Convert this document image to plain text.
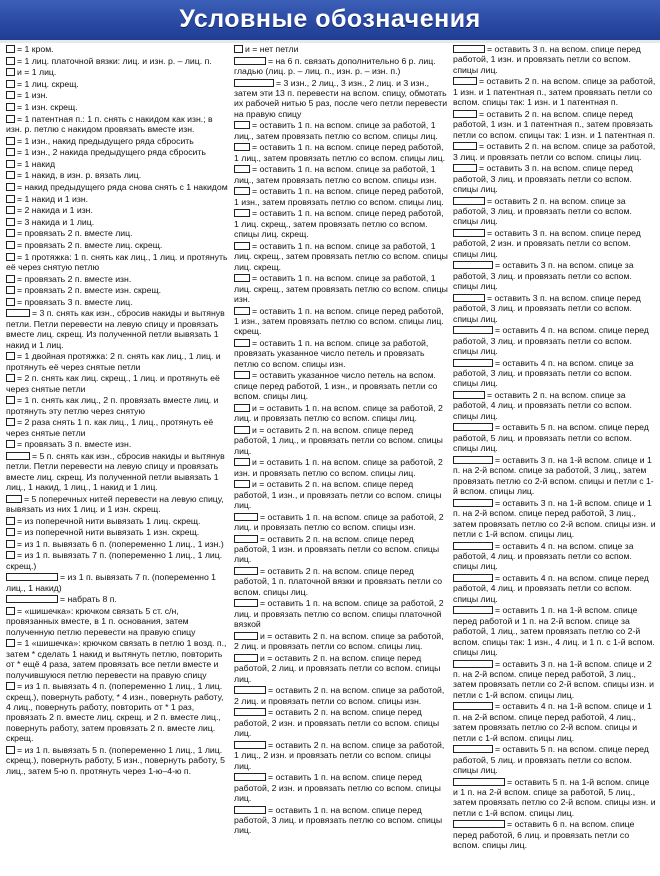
Условные обозначения
= 1 кром.
= 1 лиц. платочной вязки: лиц. и изн. р. – лиц. п.
и = 1 лиц.
= 1 лиц. скрещ.
= 1 изн.
= 1 изн. скрещ.
= 1 патентная п.: 1 п. снять с накидом как изн.; в изн. р. петлю с накидом провязать вместе изн.
= 1 изн., накид предыдущего ряда сбросить
= 1 изн., 2 накида предыдущего ряда сбросить
= 1 накид
= 1 накид, в изн. р. вязать лиц.
= накид предыдущего ряда снова снять с 1 накидом
= 1 накид и 1 изн.
= 2 накида и 1 изн.
= 3 накида и 1 лиц.
= провязать 2 п. вместе лиц.
= провязать 2 п. вместе лиц. скрещ.
= 1 протяжка: 1 п. снять как лиц., 1 лиц. и протянуть её через снятую петлю
= провязать 2 п. вместе изн.
= провязать 2 п. вместе изн. скрещ.
= провязать 3 п. вместе лиц.
= 3 п. снять как изн., сбросив накиды и вытянув петли. Петли перевести на левую спицу и провязать вместе лиц. скрещ. Из полученной петли вывязать 1 накид и 1 лиц.
= 1 двойная протяжка: 2 п. снять как лиц., 1 лиц. и протянуть её через снятые петли
= 2 п. снять как лиц. скрещ., 1 лиц. и протянуть её через снятые петли
= 1 п. снять как лиц., 2 п. провязать вместе лиц. и протянуть эту петлю через снятую
= 2 раза снять 1 п. как лиц., 1 лиц., протянуть её через снятые петли
= провязать 3 п. вместе изн.
= 5 п. снять как изн., сбросив накиды и вытянув петли. Петли перевести на левую спицу и провязать вместе лиц. скрещ. Из полученной петли вывязать 1 лиц., 1 накид, 1 лиц., 1 накид и 1 лиц.
= 5 поперечных нитей перевести на левую спицу, вывязать из них 1 лиц. и 1 изн. скрещ.
= из поперечной нити вывязать 1 лиц. скрещ.
= из поперечной нити вывязать 1 изн. скрещ.
= из 1 п. вывязать 6 п. (попеременно 1 лиц., 1 изн.)
= из 1 п. вывязать 7 п. (попеременно 1 лиц., 1 лиц. скрещ.)
= из 1 п. вывязать 7 п. (попеременно 1 лиц., 1 накид)
= набрать 8 п.
= «шишечка»: крючком связать 5 ст. с/н, провязанных вместе, в 1 п. основания, затем полученную петлю перевести на правую спицу
= 1 «шишечка»: крючком связать в петлю 1 возд. п., затем * сделать 1 накид и вытянуть петлю, повторить от * ещё 4 раза, затем провязать все петли вместе и получившуюся петлю перевести на правую спицу
= из 1 п. вывязать 4 п. (попеременно 1 лиц., 1 лиц. скрещ.), повернуть работу, * 4 изн., повернуть работу, 4 лиц., повернуть работу, повторить от * 1 раз, провязать 2 п. вместе лиц. скрещ. и 2 п. вместе лиц., повернуть работу, затем провязать 2 п. вместе лиц. скрещ.
= из 1 п. вывязать 5 п. (попеременно 1 лиц., 1 лиц. скрещ.), повернуть работу, 5 изн., повернуть работу, 5 лиц., затем 5-ю п. протянуть через 1-ю–4-ю п.
и = нет петли
= на 6 п. связать дополнительно 6 р. лиц. гладью (лиц. р. – лиц. п., изн. р. – изн. п.)
= 3 изн., 2 лиц., 3 изн., 2 лиц. и 3 изн., затем эти 13 п. перевести на вспом. спицу, обмотать их рабочей нитью 5 раз, после чего петли перевести на правую спицу
= оставить 1 п. на вспом. спице за работой, 1 лиц., затем провязать петлю со вспом. спицы лиц.
= оставить 1 п. на вспом. спице перед работой, 1 лиц., затем провязать петлю со вспом. спицы лиц.
= оставить 1 п. на вспом. спице за работой, 1 лиц., затем провязать петлю со вспом. спицы изн.
= оставить 1 п. на вспом. спице перед работой, 1 изн., затем провязать петлю со вспом. спицы лиц.
= оставить 1 п. на вспом. спице перед работой, 1 лиц. скрещ., затем провязать петлю со вспом. спицы лиц. скрещ.
= оставить 1 п. на вспом. спице за работой, 1 лиц. скрещ., затем провязать петлю со вспом. спицы лиц. скрещ.
= оставить 1 п. на вспом. спице за работой, 1 лиц. скрещ., затем провязать петлю со вспом. спицы изн.
= оставить 1 п. на вспом. спице перед работой, 1 изн., затем провязать петлю со вспом. спицы лиц. скрещ.
= оставить 1 п. на вспом. спице за работой, провязать указанное число петель и провязать петлю со вспом. спицы изн.
= оставить указанное число петель на вспом. спице перед работой, 1 изн., и провязать петли со вспом. спицы лиц.
и = оставить 1 п. на вспом. спице за работой, 2 лиц. и провязать петлю со вспом. спицы лиц.
и = оставить 2 п. на вспом. спице перед работой, 1 лиц., и провязать петли со вспом. спицы лиц.
и = оставить 1 п. на вспом. спице за работой, 2 изн. и провязать петлю со вспом. спицы лиц.
и = оставить 2 п. на вспом. спице перед работой, 1 изн., и провязать петли со вспом. спицы лиц.
= оставить 1 п. на вспом. спице за работой, 2 лиц. и провязать петлю со вспом. спицы изн.
= оставить 2 п. на вспом. спице перед работой, 1 изн. и провязать петли со вспом. спицы лиц.
= оставить 2 п. на вспом. спице перед работой, 1 п. платочной вязки и провязать петли со вспом. спицы лиц.
= оставить 1 п. на вспом. спице за работой, 2 лиц. и провязать петлю со вспом. спицы платочной вязкой
и = оставить 2 п. на вспом. спице за работой, 2 лиц. и провязать петли со вспом. спицы лиц.
и = оставить 2 п. на вспом. спице перед работой, 2 лиц. и провязать петли со вспом. спицы лиц.
= оставить 2 п. на вспом. спице за работой, 2 лиц. и провязать петли со вспом. спицы изн.
= оставить 2 п. на вспом. спице перед работой, 2 изн. и провязать петли со вспом. спицы лиц.
= оставить 2 п. на вспом. спице за работой, 1 лиц., 2 изн. и провязать петли со вспом. спицы лиц.
= оставить 1 п. на вспом. спице перед работой, 2 изн. и провязать петлю со вспом. спицы лиц.
= оставить 1 п. на вспом. спице перед работой, 3 лиц. и провязать петлю со вспом. спицы лиц.
= оставить 3 п. на вспом. спице перед работой, 1 изн. и провязать петли со вспом. спицы лиц.
= оставить 2 п. на вспом. спице за работой, 1 изн. и 1 патентная п., затем провязать петли со вспом. спицы так: 1 изн. и 1 патентная п.
= оставить 2 п. на вспом. спице перед работой, 1 изн. и 1 патентная п., затем провязать петли со вспом. спицы так: 1 изн. и 1 патентная п.
= оставить 2 п. на вспом. спице за работой, 3 лиц. и провязать петли со вспом. спицы лиц.
= оставить 3 п. на вспом. спице перед работой, 3 лиц. и провязать петли со вспом. спицы лиц.
= оставить 2 п. на вспом. спице за работой, 3 лиц. и провязать петли со вспом. спицы лиц.
= оставить 3 п. на вспом. спице перед работой, 2 изн. и провязать петли со вспом. спицы лиц.
= оставить 3 п. на вспом. спице за работой, 3 лиц. и провязать петли со вспом. спицы лиц.
= оставить 3 п. на вспом. спице перед работой, 3 лиц. и провязать петли со вспом. спицы лиц.
= оставить 4 п. на вспом. спице перед работой, 3 лиц. и провязать петли со вспом. спицы лиц.
= оставить 4 п. на вспом. спице за работой, 3 лиц. и провязать петли со вспом. спицы лиц.
= оставить 2 п. на вспом. спице за работой, 4 лиц. и провязать петли со вспом. спицы лиц.
= оставить 5 п. на вспом. спице перед работой, 5 лиц. и провязать петли со вспом. спицы лиц.
= оставить 3 п. на 1-й вспом. спице и 1 п. на 2-й вспом. спице за работой, 3 лиц., затем провязать петлю со 2-й вспом. спицы и петли с 1-й вспом. спицы лиц.
= оставить 3 п. на 1-й вспом. спице и 1 п. на 2-й вспом. спице перед работой, 3 лиц., затем провязать петлю со 2-й вспом. спицы изн. и петли с 1-й вспом. спицы лиц.
= оставить 4 п. на вспом. спице за работой, 4 лиц. и провязать петли со вспом. спицы лиц.
= оставить 4 п. на вспом. спице перед работой, 4 лиц. и провязать петли со вспом. спицы лиц.
= оставить 1 п. на 1-й вспом. спице перед работой и 1 п. на 2-й вспом. спице за работой, 1 лиц., затем провязать петлю со 2-й вспом. спицы так: 1 изн., 4 лиц. и 1 п. с 1-й вспом. спицы лиц.
= оставить 3 п. на 1-й вспом. спице и 2 п. на 2-й вспом. спице перед работой, 3 лиц., затем провязать петли со 2-й вспом. спицы изн. и петли с 1-й вспом. спицы лиц.
= оставить 4 п. на 1-й вспом. спице и 1 п. на 2-й вспом. спице перед работой, 4 лиц., затем провязать петлю со 2-й вспом. спицы и петли с 1-й вспом. спицы лиц.
= оставить 5 п. на вспом. спице перед работой, 5 лиц. и провязать петли со вспом. спицы лиц.
= оставить 5 п. на 1-й вспом. спице и 1 п. на 2-й вспом. спице за работой, 5 лиц., затем провязать петлю со 2-й вспом. спицы изн. и петли с 1-й вспом. спицы лиц.
= оставить 6 п. на вспом. спице перед работой, 6 лиц. и провязать петли со вспом. спицы лиц.
